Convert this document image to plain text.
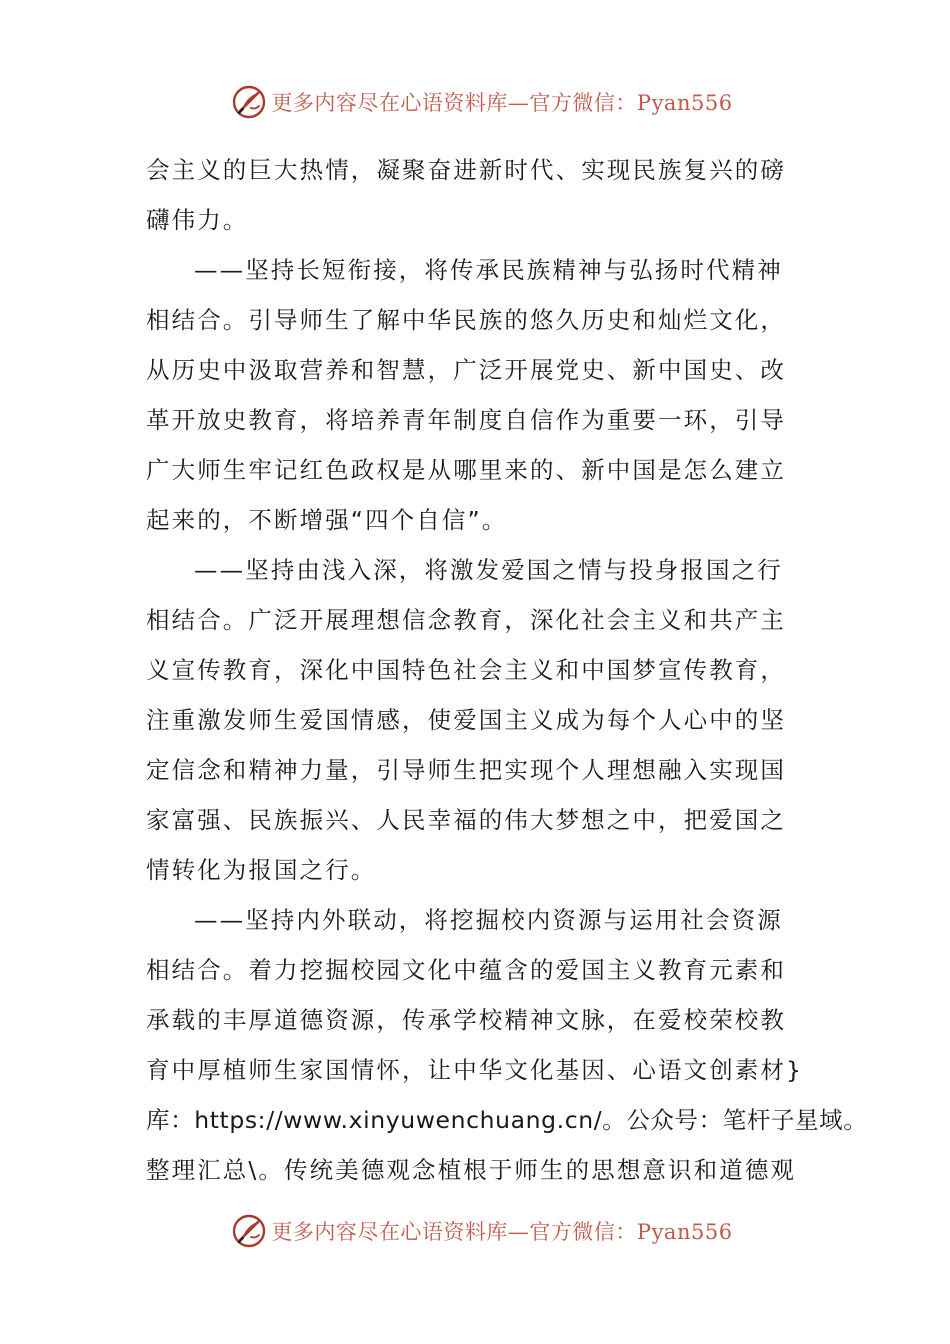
更多内容尽在心语资料库—官方微信：Pyan556
会主义的巨大热情，凝聚奋进新时代、实现民族复兴的磅
礴伟力。
——坚持长短衔接，将传承民族精神与弘扬时代精神
相结合。引导师生了解中华民族的悠久历史和灿烂文化，
从历史中汲取营养和智慧，广泛开展党史、新中国史、改
革开放史教育，将培养青年制度自信作为重要一环，引导
广大师生牢记红色政权是从哪里来的、新中国是怎么建立
起来的，不断增强“四个自信”。
——坚持由浅入深，将激发爱国之情与投身报国之行
相结合。广泛开展理想信念教育，深化社会主义和共产主
义宣传教育，深化中国特色社会主义和中国梦宣传教育，
注重激发师生爱国情感，使爱国主义成为每个人心中的坚
定信念和精神力量，引导师生把实现个人理想融入实现国
家富强、民族振兴、人民幸福的伟大梦想之中，把爱国之
情转化为报国之行。
——坚持内外联动，将挖掘校内资源与运用社会资源
相结合。着力挖掘校园文化中蕴含的爱国主义教育元素和
承载的丰厚道德资源，传承学校精神文脉，在爱校荣校教
育中厚植师生家国情怀，让中华文化基因、心语文创素材}
库：https://www.xinyuwenchuang.cn/。公众号：笔杆子星域。
整理汇总\。传统美德观念植根于师生的思想意识和道德观
更多内容尽在心语资料库—官方微信：Pyan556
